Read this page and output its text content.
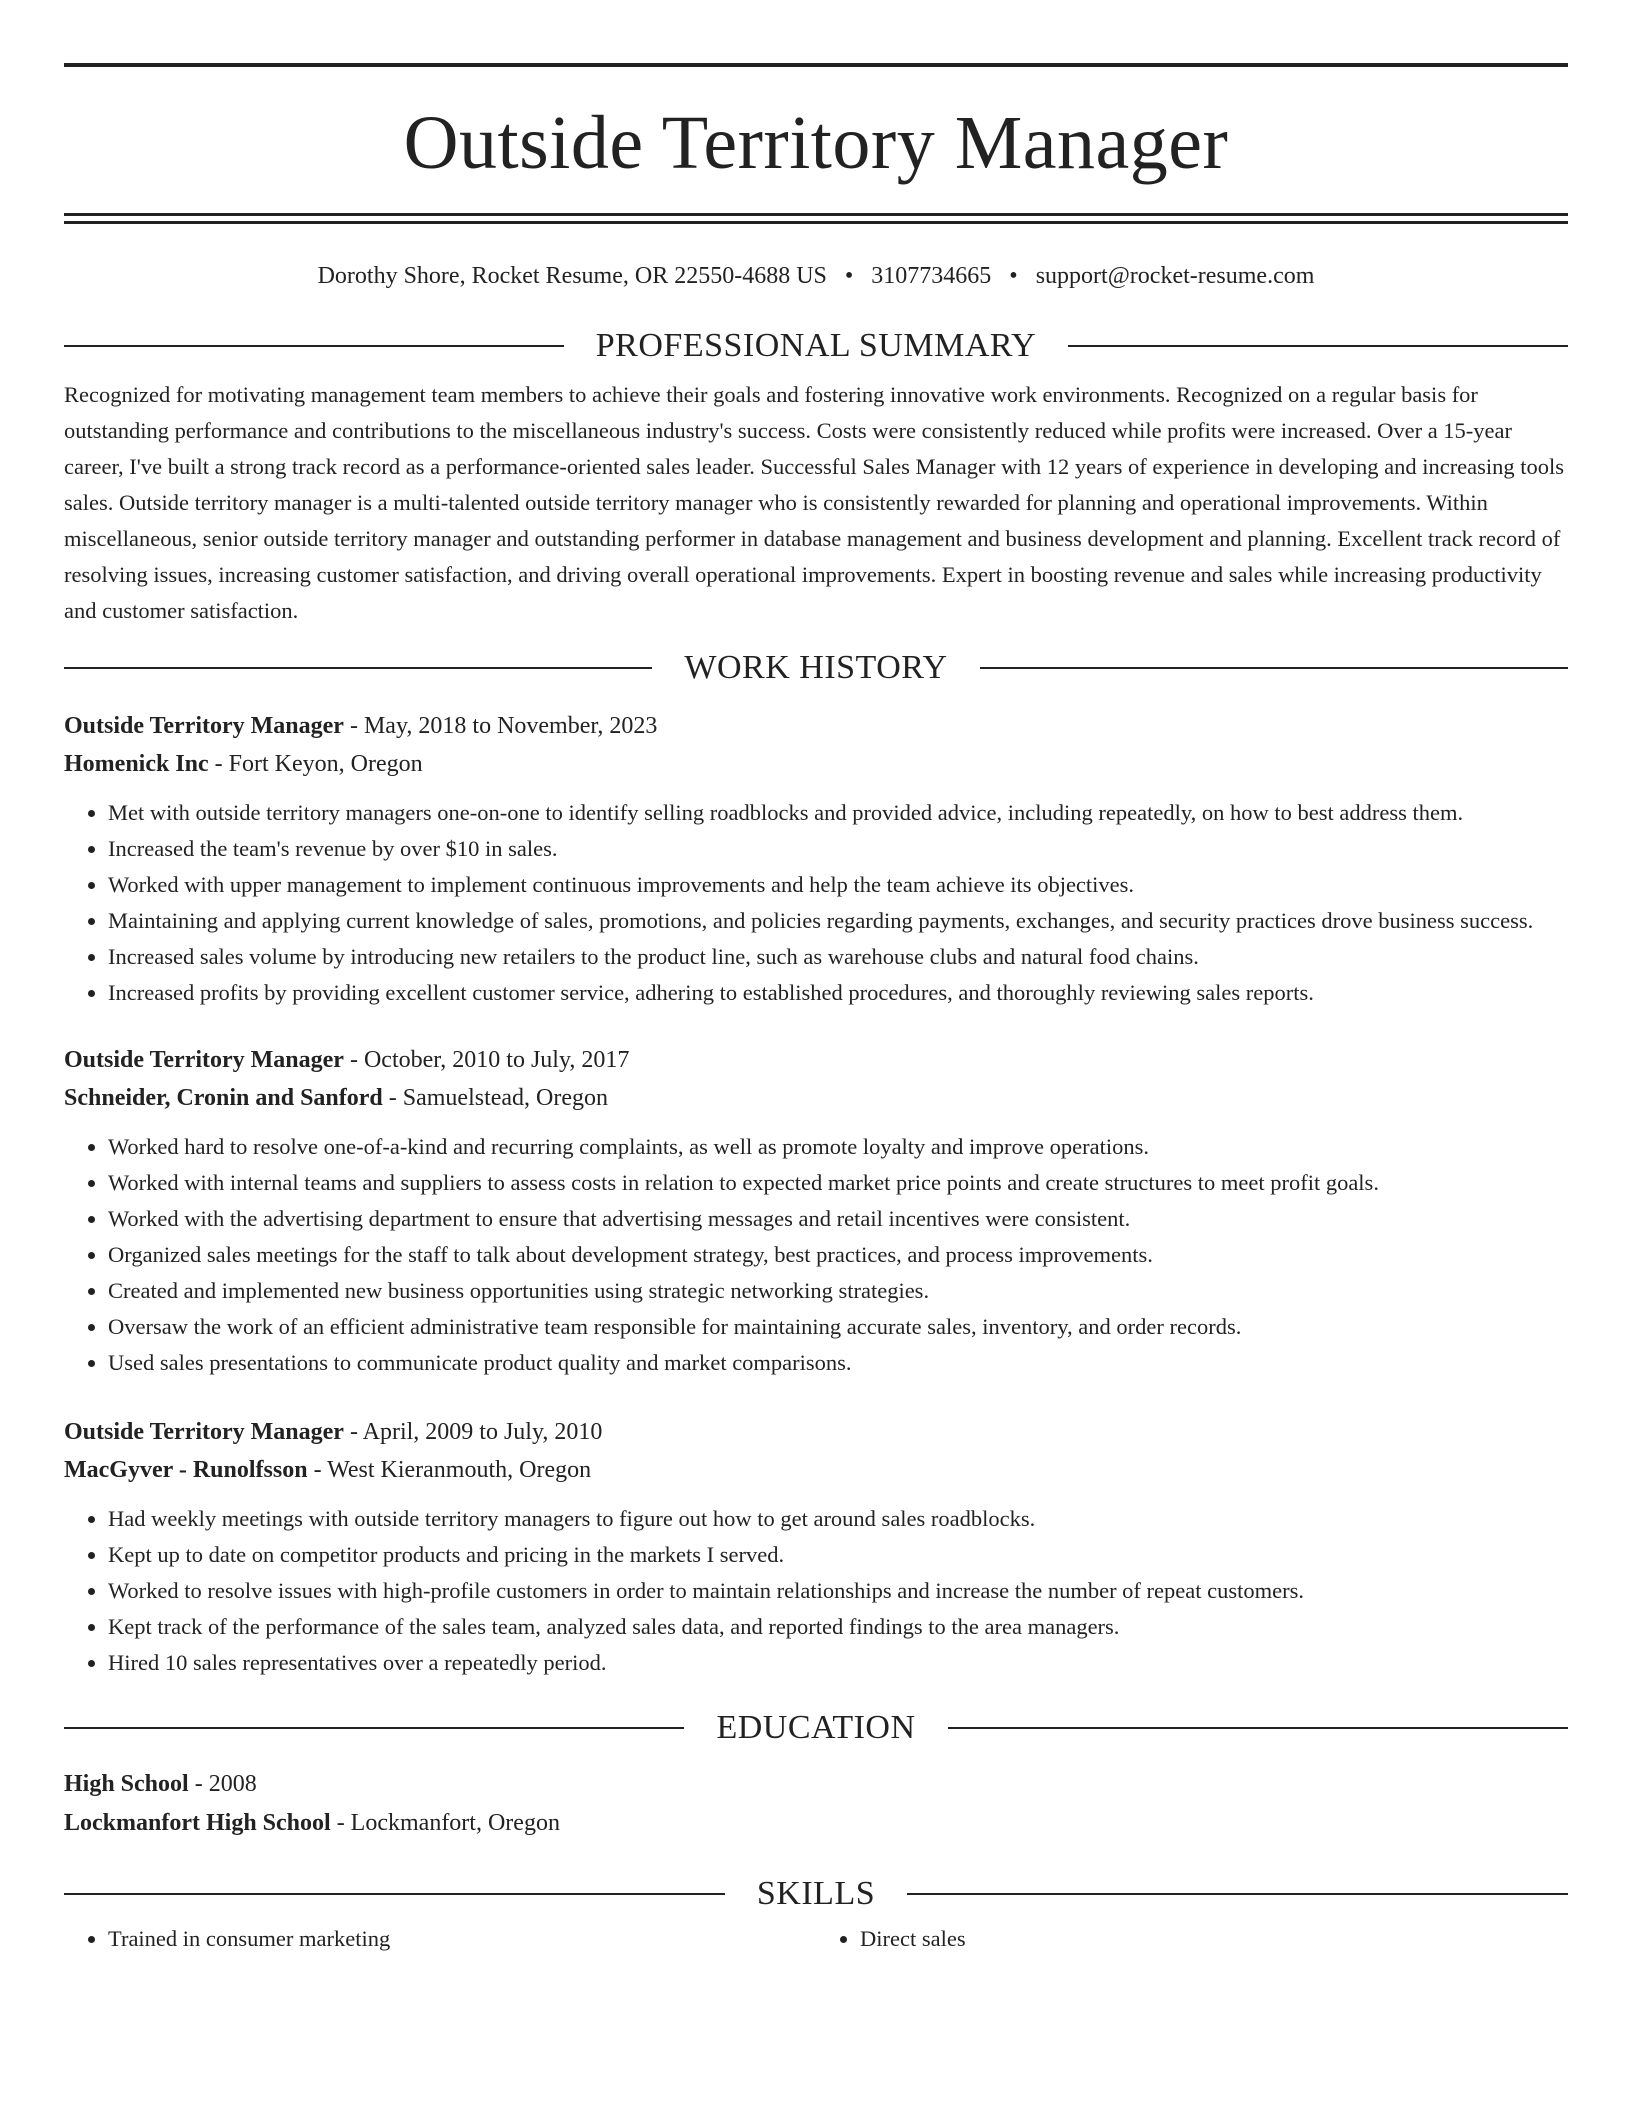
Outside Territory Manager
Dorothy Shore, Rocket Resume, OR 22550-4688 US • 3107734665 • support@rocket-resume.com
PROFESSIONAL SUMMARY

Recognized for motivating management team members to achieve their goals and fostering innovative work environments. Recognized on a regular basis for outstanding performance and contributions to the miscellaneous industry's success. Costs were consistently reduced while profits were increased. Over a 15-year career, I've built a strong track record as a performance-oriented sales leader. Successful Sales Manager with 12 years of experience in developing and increasing tools sales. Outside territory manager is a multi-talented outside territory manager who is consistently rewarded for planning and operational improvements. Within miscellaneous, senior outside territory manager and outstanding performer in database management and business development and planning. Excellent track record of resolving issues, increasing customer satisfaction, and driving overall operational improvements. Expert in boosting revenue and sales while increasing productivity and customer satisfaction.

WORK HISTORY
Outside Territory Manager - May, 2018 to November, 2023
Homenick Inc - Fort Keyon, Oregon
• Met with outside territory managers one-on-one to identify selling roadblocks and provided advice, including repeatedly, on how to best address them.
• Increased the team's revenue by over $10 in sales.
• Worked with upper management to implement continuous improvements and help the team achieve its objectives.
• Maintaining and applying current knowledge of sales, promotions, and policies regarding payments, exchanges, and security practices drove business success.
• Increased sales volume by introducing new retailers to the product line, such as warehouse clubs and natural food chains.
• Increased profits by providing excellent customer service, adhering to established procedures, and thoroughly reviewing sales reports.
Outside Territory Manager - October, 2010 to July, 2017
Schneider, Cronin and Sanford - Samuelstead, Oregon
• Worked hard to resolve one-of-a-kind and recurring complaints, as well as promote loyalty and improve operations.
• Worked with internal teams and suppliers to assess costs in relation to expected market price points and create structures to meet profit goals.
• Worked with the advertising department to ensure that advertising messages and retail incentives were consistent.
• Organized sales meetings for the staff to talk about development strategy, best practices, and process improvements.
• Created and implemented new business opportunities using strategic networking strategies.
• Oversaw the work of an efficient administrative team responsible for maintaining accurate sales, inventory, and order records.
• Used sales presentations to communicate product quality and market comparisons.
Outside Territory Manager - April, 2009 to July, 2010
MacGyver - Runolfsson - West Kieranmouth, Oregon
• Had weekly meetings with outside territory managers to figure out how to get around sales roadblocks.
• Kept up to date on competitor products and pricing in the markets I served.
• Worked to resolve issues with high-profile customers in order to maintain relationships and increase the number of repeat customers.
• Kept track of the performance of the sales team, analyzed sales data, and reported findings to the area managers.
• Hired 10 sales representatives over a repeatedly period.
EDUCATION
High School - 2008
Lockmanfort High School - Lockmanfort, Oregon
SKILLS
• Trained in consumer marketing
•	Direct sales
